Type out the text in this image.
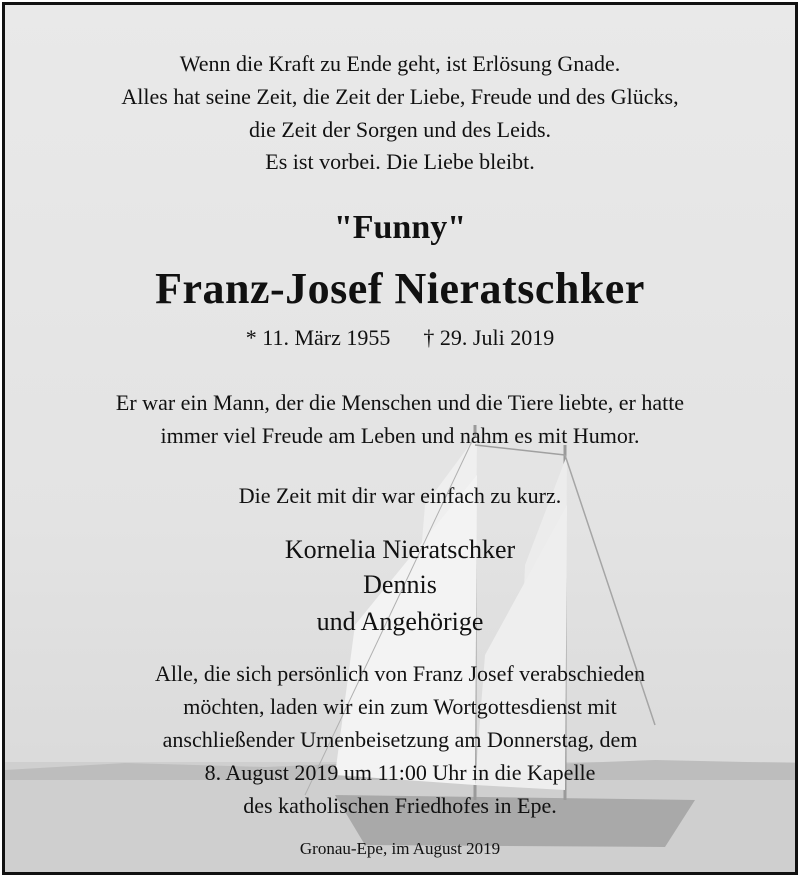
Wenn die Kraft zu Ende geht, ist Erlösung Gnade.
Alles hat seine Zeit, die Zeit der Liebe, Freude und des Glücks,
die Zeit der Sorgen und des Leids.
Es ist vorbei. Die Liebe bleibt.
"Funny"
Franz-Josef Nieratschker
* 11. März 1955 † 29. Juli 2019
Er war ein Mann, der die Menschen und die Tiere liebte, er hatte
immer viel Freude am Leben und nahm es mit Humor.
Die Zeit mit dir war einfach zu kurz.
Kornelia Nieratschker
Dennis
und Angehörige
Alle, die sich persönlich von Franz Josef verabschieden
möchten, laden wir ein zum Wortgottesdienst mit
anschließender Urnenbeisetzung am Donnerstag, dem
8. August 2019 um 11:00 Uhr in die Kapelle
des katholischen Friedhofes in Epe.
Gronau-Epe, im August 2019
